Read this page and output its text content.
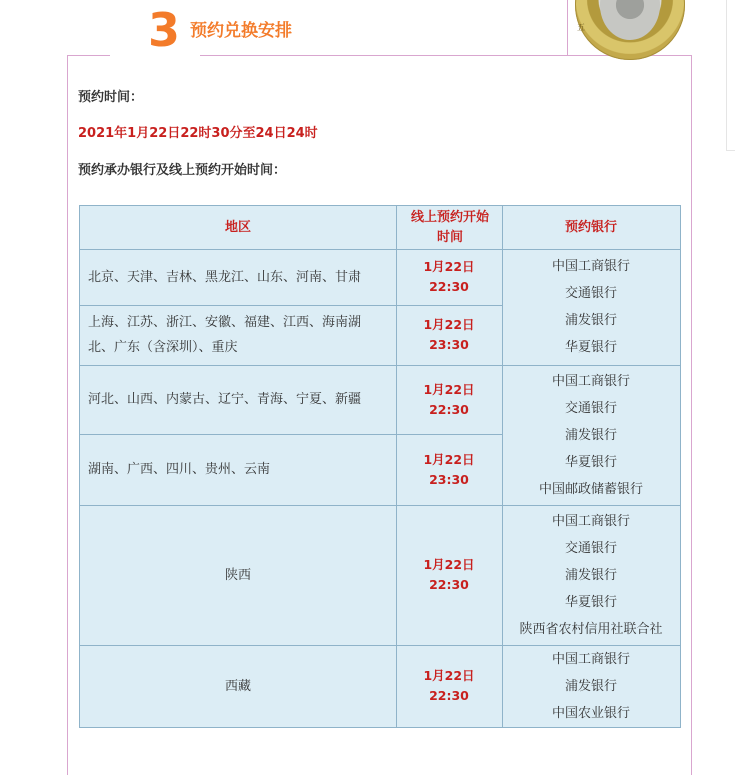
3 预约兑换安排	五
预约时间：
2021年1月22日22时30分至24日24时
预约承办银行及线上预约开始时间：
地区
线上预约开始时间
预约银行
北京、天津、吉林、黑龙江、山东、河南、甘肃
1月22日
22:30
上海、江苏、浙江、安徽、福建、江西、海南湖北、广东（含深圳）、重庆
1月22日
23:30
中国工商银行
交通银行
浦发银行
华夏银行
河北、山西、内蒙古、辽宁、青海、宁夏、新疆
1月22日
22:30
湖南、广西、四川、贵州、云南
1月22日
23:30
中国工商银行
交通银行
浦发银行
华夏银行
中国邮政储蓄银行
陕西
1月22日
22:30
中国工商银行
交通银行
浦发银行
华夏银行
陕西省农村信用社联合社
西藏
1月22日
22:30
中国工商银行
浦发银行
中国农业银行
